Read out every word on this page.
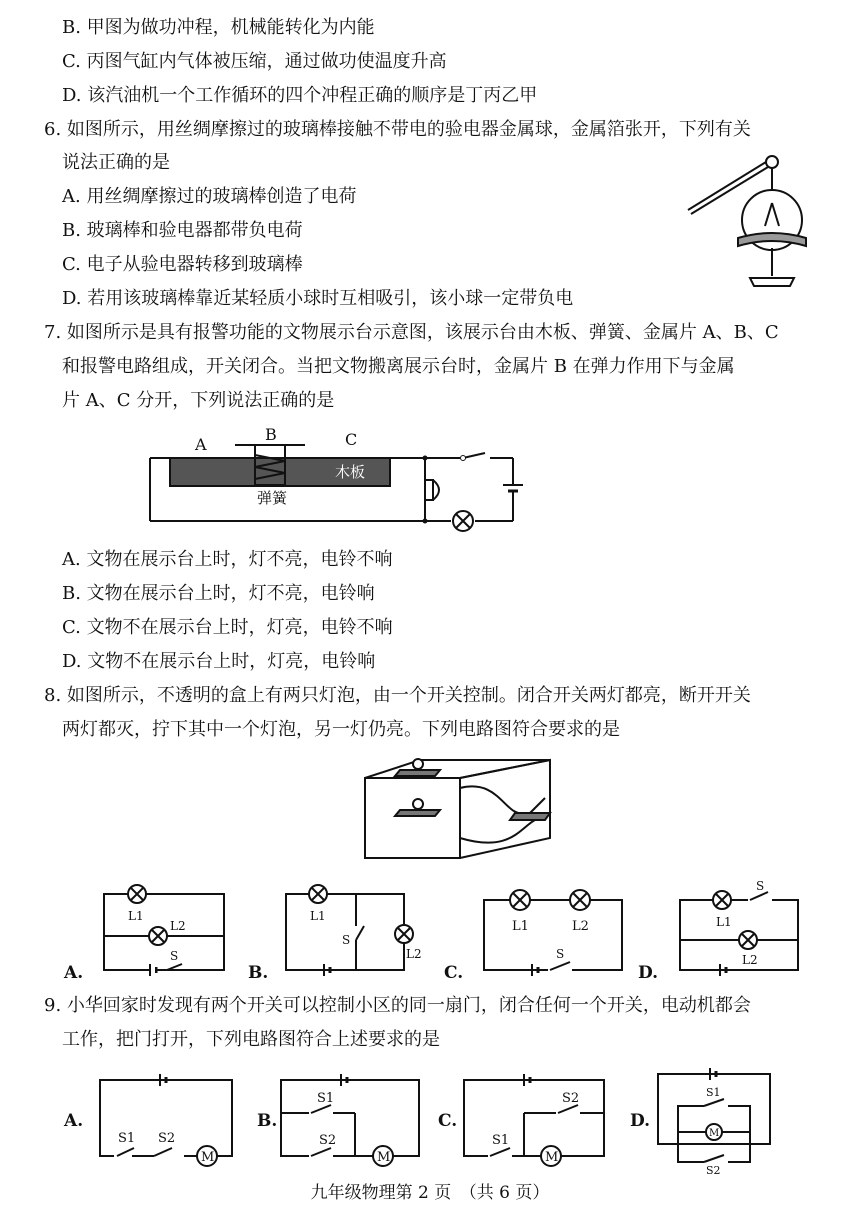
B. 甲图为做功冲程，机械能转化为内能
C. 丙图气缸内气体被压缩，通过做功使温度升高
D. 该汽油机一个工作循环的四个冲程正确的顺序是丁丙乙甲
6. 如图所示，用丝绸摩擦过的玻璃棒接触不带电的验电器金属球，金属箔张开，下列有关
说法正确的是
A. 用丝绸摩擦过的玻璃棒创造了电荷
B. 玻璃棒和验电器都带负电荷
C. 电子从验电器转移到玻璃棒
D. 若用该玻璃棒靠近某轻质小球时互相吸引，该小球一定带负电
7. 如图所示是具有报警功能的文物展示台示意图，该展示台由木板、弹簧、金属片 A、B、C
和报警电路组成，开关闭合。当把文物搬离展示台时，金属片 B 在弹力作用下与金属
片 A、C 分开，下列说法正确的是
A
B	C
木板
弹簧
A. 文物在展示台上时，灯不亮，电铃不响
B. 文物在展示台上时，灯不亮，电铃响
C. 文物不在展示台上时，灯亮，电铃不响
D. 文物不在展示台上时，灯亮，电铃响
8. 如图所示，不透明的盒上有两只灯泡，由一个开关控制。闭合开关两灯都亮，断开开关
两灯都灭，拧下其中一个灯泡，另一灯仍亮。下列电路图符合要求的是
A.
L1
L2
S
B.
L1
L2
S
C.
L1	L2
S
D.
L1
L2
S
9. 小华回家时发现有两个开关可以控制小区的同一扇门，闭合任何一个开关，电动机都会
工作，把门打开，下列电路图符合上述要求的是
M
A.
S1 S2
M
B.
S1
S2
M
C.
S2
S1	M
D.
S1
S2
九年级物理第 2 页　（共 6 页）
